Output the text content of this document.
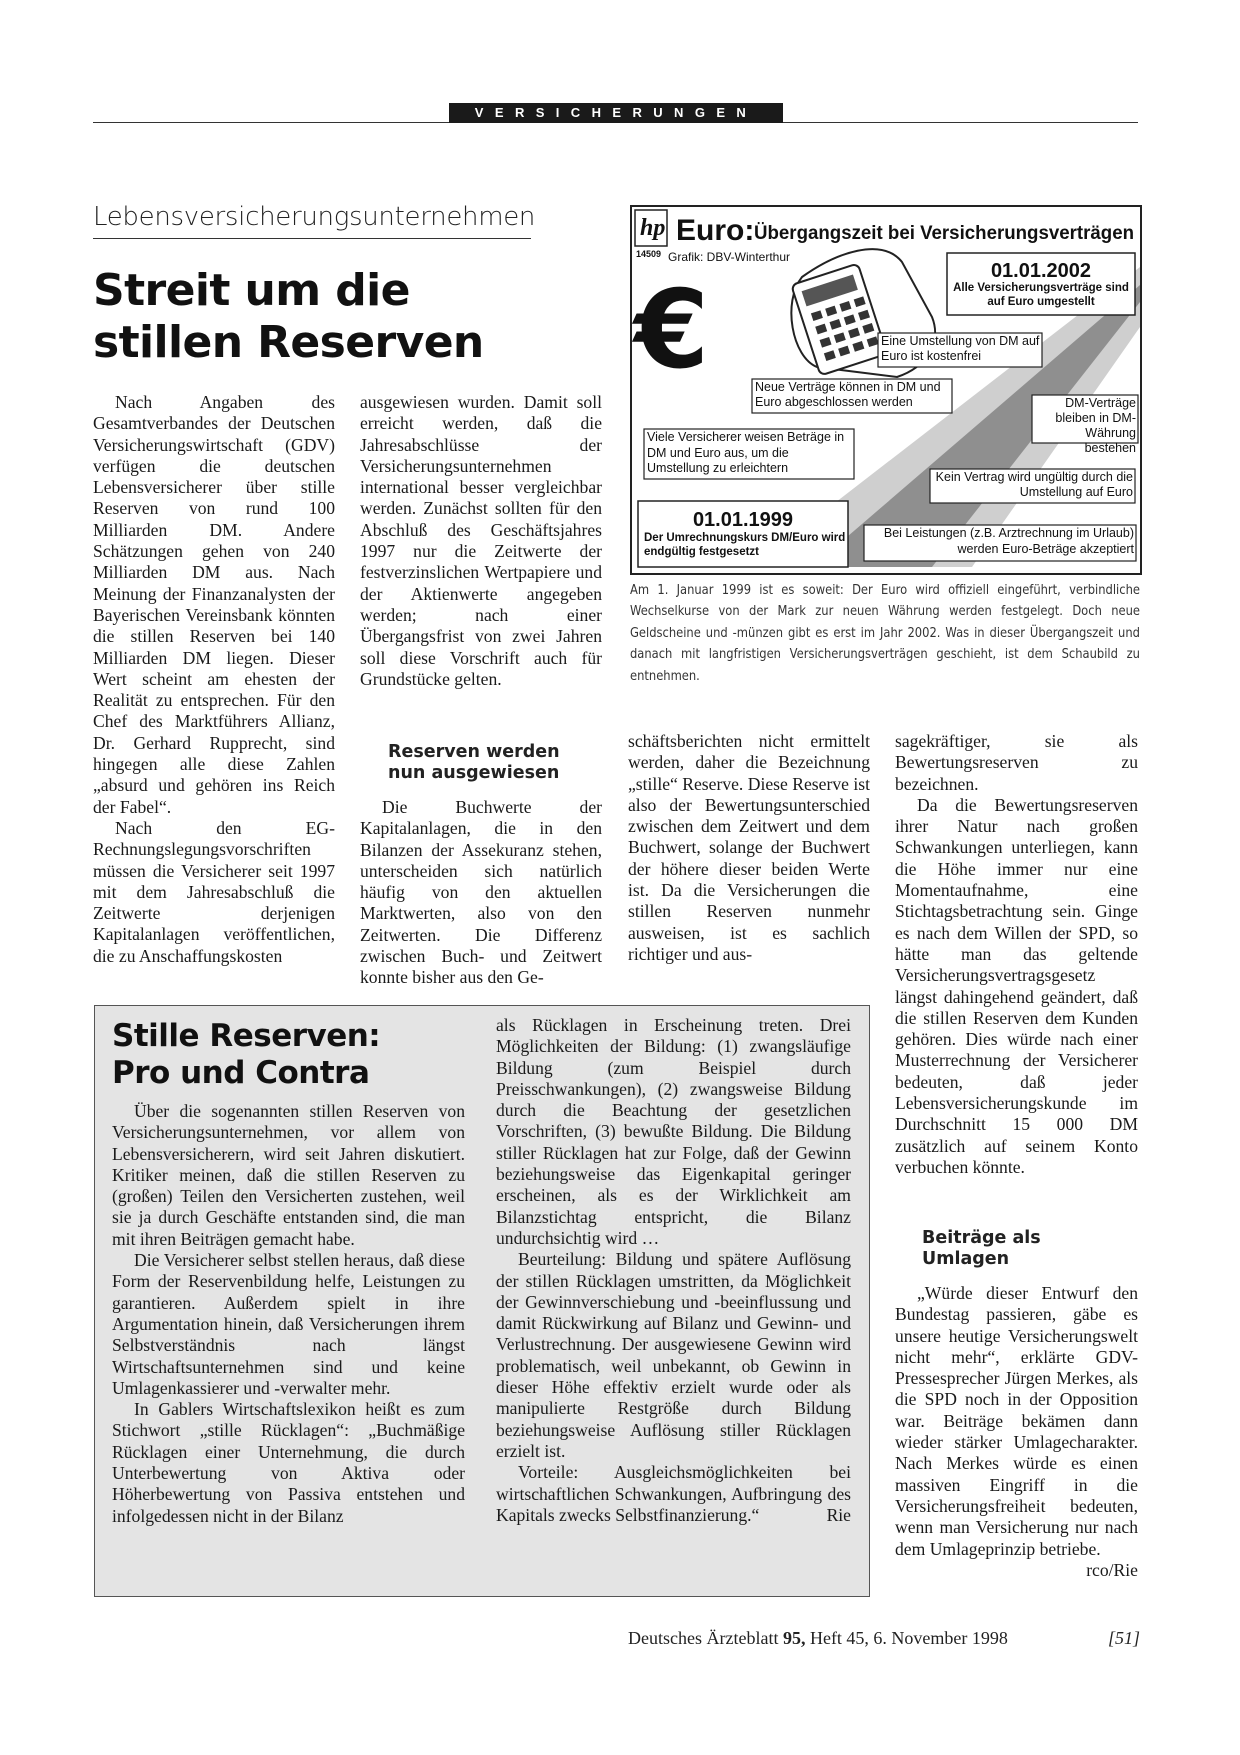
VERSICHERUNGEN
Lebensversicherungsunternehmen
Streit um die
stillen Reserven

Nach Angaben des Gesamtverbandes der Deutschen Versicherungswirtschaft (GDV) verfügen die deutschen Lebensversicherer über stille Reserven von rund 100 Milliarden DM. Andere Schätzungen gehen von 240 Milliarden DM aus. Nach Meinung der Finanzanalysten der Bayerischen Vereinsbank könnten die stillen Reserven bei 140 Milliarden DM liegen. Dieser Wert scheint am ehesten der Realität zu entsprechen. Für den Chef des Marktführers Allianz, Dr. Gerhard Rupprecht, sind hingegen alle diese Zahlen „absurd und gehören ins Reich der Fabel“.

Nach den EG-Rechnungslegungsvorschriften müssen die Versicherer seit 1997 mit dem Jahresabschluß die Zeitwerte derjenigen Kapitalanlagen veröffentlichen, die zu Anschaffungskosten

ausgewiesen wurden. Damit soll erreicht werden, daß die Jahresabschlüsse der Versicherungsunternehmen international besser vergleichbar werden. Zunächst sollten für den Abschluß des Geschäftsjahres 1997 nur die Zeitwerte der festverzinslichen Wertpapiere und der Aktienwerte angegeben werden; nach einer Übergangsfrist von zwei Jahren soll diese Vorschrift auch für Grundstücke gelten.

Reserven werden nun ausgewiesen

Die Buchwerte der Kapitalanlagen, die in den Bilanzen der Assekuranz stehen, unterscheiden sich natürlich häufig von den aktuellen Marktwerten, also von den Zeitwerten. Die Differenz zwischen Buch- und Zeitwert konnte bisher aus den Ge-

schäftsberichten nicht ermittelt werden, daher die Bezeichnung „stille“ Reserve. Diese Reserve ist also der Bewertungsunterschied zwischen dem Zeitwert und dem Buchwert, solange der Buchwert der höhere dieser beiden Werte ist. Da die Versicherungen die stillen Reserven nunmehr ausweisen, ist es sachlich richtiger und aus-

sagekräftiger, sie als Bewertungsreserven zu bezeichnen.

Da die Bewertungsreserven ihrer Natur nach großen Schwankungen unterliegen, kann die Höhe immer nur eine Momentaufnahme, eine Stichtagsbetrachtung sein. Ginge es nach dem Willen der SPD, so hätte man das geltende Versicherungsvertragsgesetz längst dahingehend geändert, daß die stillen Reserven dem Kunden gehören. Dies würde nach einer Musterrechnung der Versicherer bedeuten, daß jeder Lebensversicherungskunde im Durchschnitt 15 000 DM zusätzlich auf seinem Konto verbuchen könnte.

Beiträge als Umlagen

„Würde dieser Entwurf den Bundestag passieren, gäbe es unsere heutige Versicherungswelt nicht mehr“, erklärte GDV-Pressesprecher Jürgen Merkes, als die SPD noch in der Opposition war. Beiträge bekämen dann wieder stärker Umlagecharakter. Nach Merkes würde es einen massiven Eingriff in die Versicherungsfreiheit bedeuten, wenn man Versicherung nur nach dem Umlageprinzip betriebe.
rco/Rie

hp
14509
Euro: Übergangszeit bei Versicherungsverträgen
Grafik: DBV-Winterthur
€	01.01.2002
Alle Versicherungsverträge sind auf Euro umgestellt
Eine Umstellung von DM auf Euro ist kostenfrei
Neue Verträge können in DM und Euro abgeschlossen werden	DM-Verträge bleiben in DM-Währung bestehen
Viele Versicherer weisen Beträge in DM und Euro aus, um die Umstellung zu erleichtern
Kein Vertrag wird ungültig durch die Umstellung auf Euro
01.01.1999
Der Umrechnungskurs DM/Euro wird endgültig festgesetzt
Bei Leistungen (z.B. Arztrechnung im Urlaub) werden Euro-Beträge akzeptiert
Am 1. Januar 1999 ist es soweit: Der Euro wird offiziell eingeführt, verbindliche Wechselkurse von der Mark zur neuen Währung werden festgelegt. Doch neue Geldscheine und -münzen gibt es erst im Jahr 2002. Was in dieser Übergangszeit und danach mit langfristigen Versicherungsverträgen geschieht, ist dem Schaubild zu entnehmen.
Stille Reserven:
Pro und Contra

Über die sogenannten stillen Reserven von Versicherungsunternehmen, vor allem von Lebensversicherern, wird seit Jahren diskutiert. Kritiker meinen, daß die stillen Reserven zu (großen) Teilen den Versicherten zustehen, weil sie ja durch Geschäfte entstanden sind, die man mit ihren Beiträgen gemacht habe.

Die Versicherer selbst stellen heraus, daß diese Form der Reservenbildung helfe, Leistungen zu garantieren. Außerdem spielt in ihre Argumentation hinein, daß Versicherungen ihrem Selbstverständnis nach längst Wirtschaftsunternehmen sind und keine Umlagenkassierer und -verwalter mehr.

In Gablers Wirtschaftslexikon heißt es zum Stichwort „stille Rücklagen“: „Buchmäßige Rücklagen einer Unternehmung, die durch Unterbewertung von Aktiva oder Höherbewertung von Passiva entstehen und infolgedessen nicht in der Bilanz

als Rücklagen in Erscheinung treten. Drei Möglichkeiten der Bildung: (1) zwangsläufige Bildung (zum Beispiel durch Preisschwankungen), (2) zwangsweise Bildung durch die Beachtung der gesetzlichen Vorschriften, (3) bewußte Bildung. Die Bildung stiller Rücklagen hat zur Folge, daß der Gewinn beziehungsweise das Eigenkapital geringer erscheinen, als es der Wirklichkeit am Bilanzstichtag entspricht, die Bilanz undurchsichtig wird …

Beurteilung: Bildung und spätere Auflösung der stillen Rücklagen umstritten, da Möglichkeit der Gewinnverschiebung und -beeinflussung und damit Rückwirkung auf Bilanz und Gewinn- und Verlustrechnung. Der ausgewiesene Gewinn wird problematisch, weil unbekannt, ob Gewinn in dieser Höhe effektiv erzielt wurde oder als manipulierte Restgröße durch Bildung beziehungsweise Auflösung stiller Rücklagen erzielt ist.

Vorteile: Ausgleichsmöglichkeiten bei wirtschaftlichen Schwankungen, Aufbringung des Kapitals zwecks Selbstfinanzierung.“	Rie

Deutsches Ärzteblatt 95, Heft 45, 6. November 1998	[51]
